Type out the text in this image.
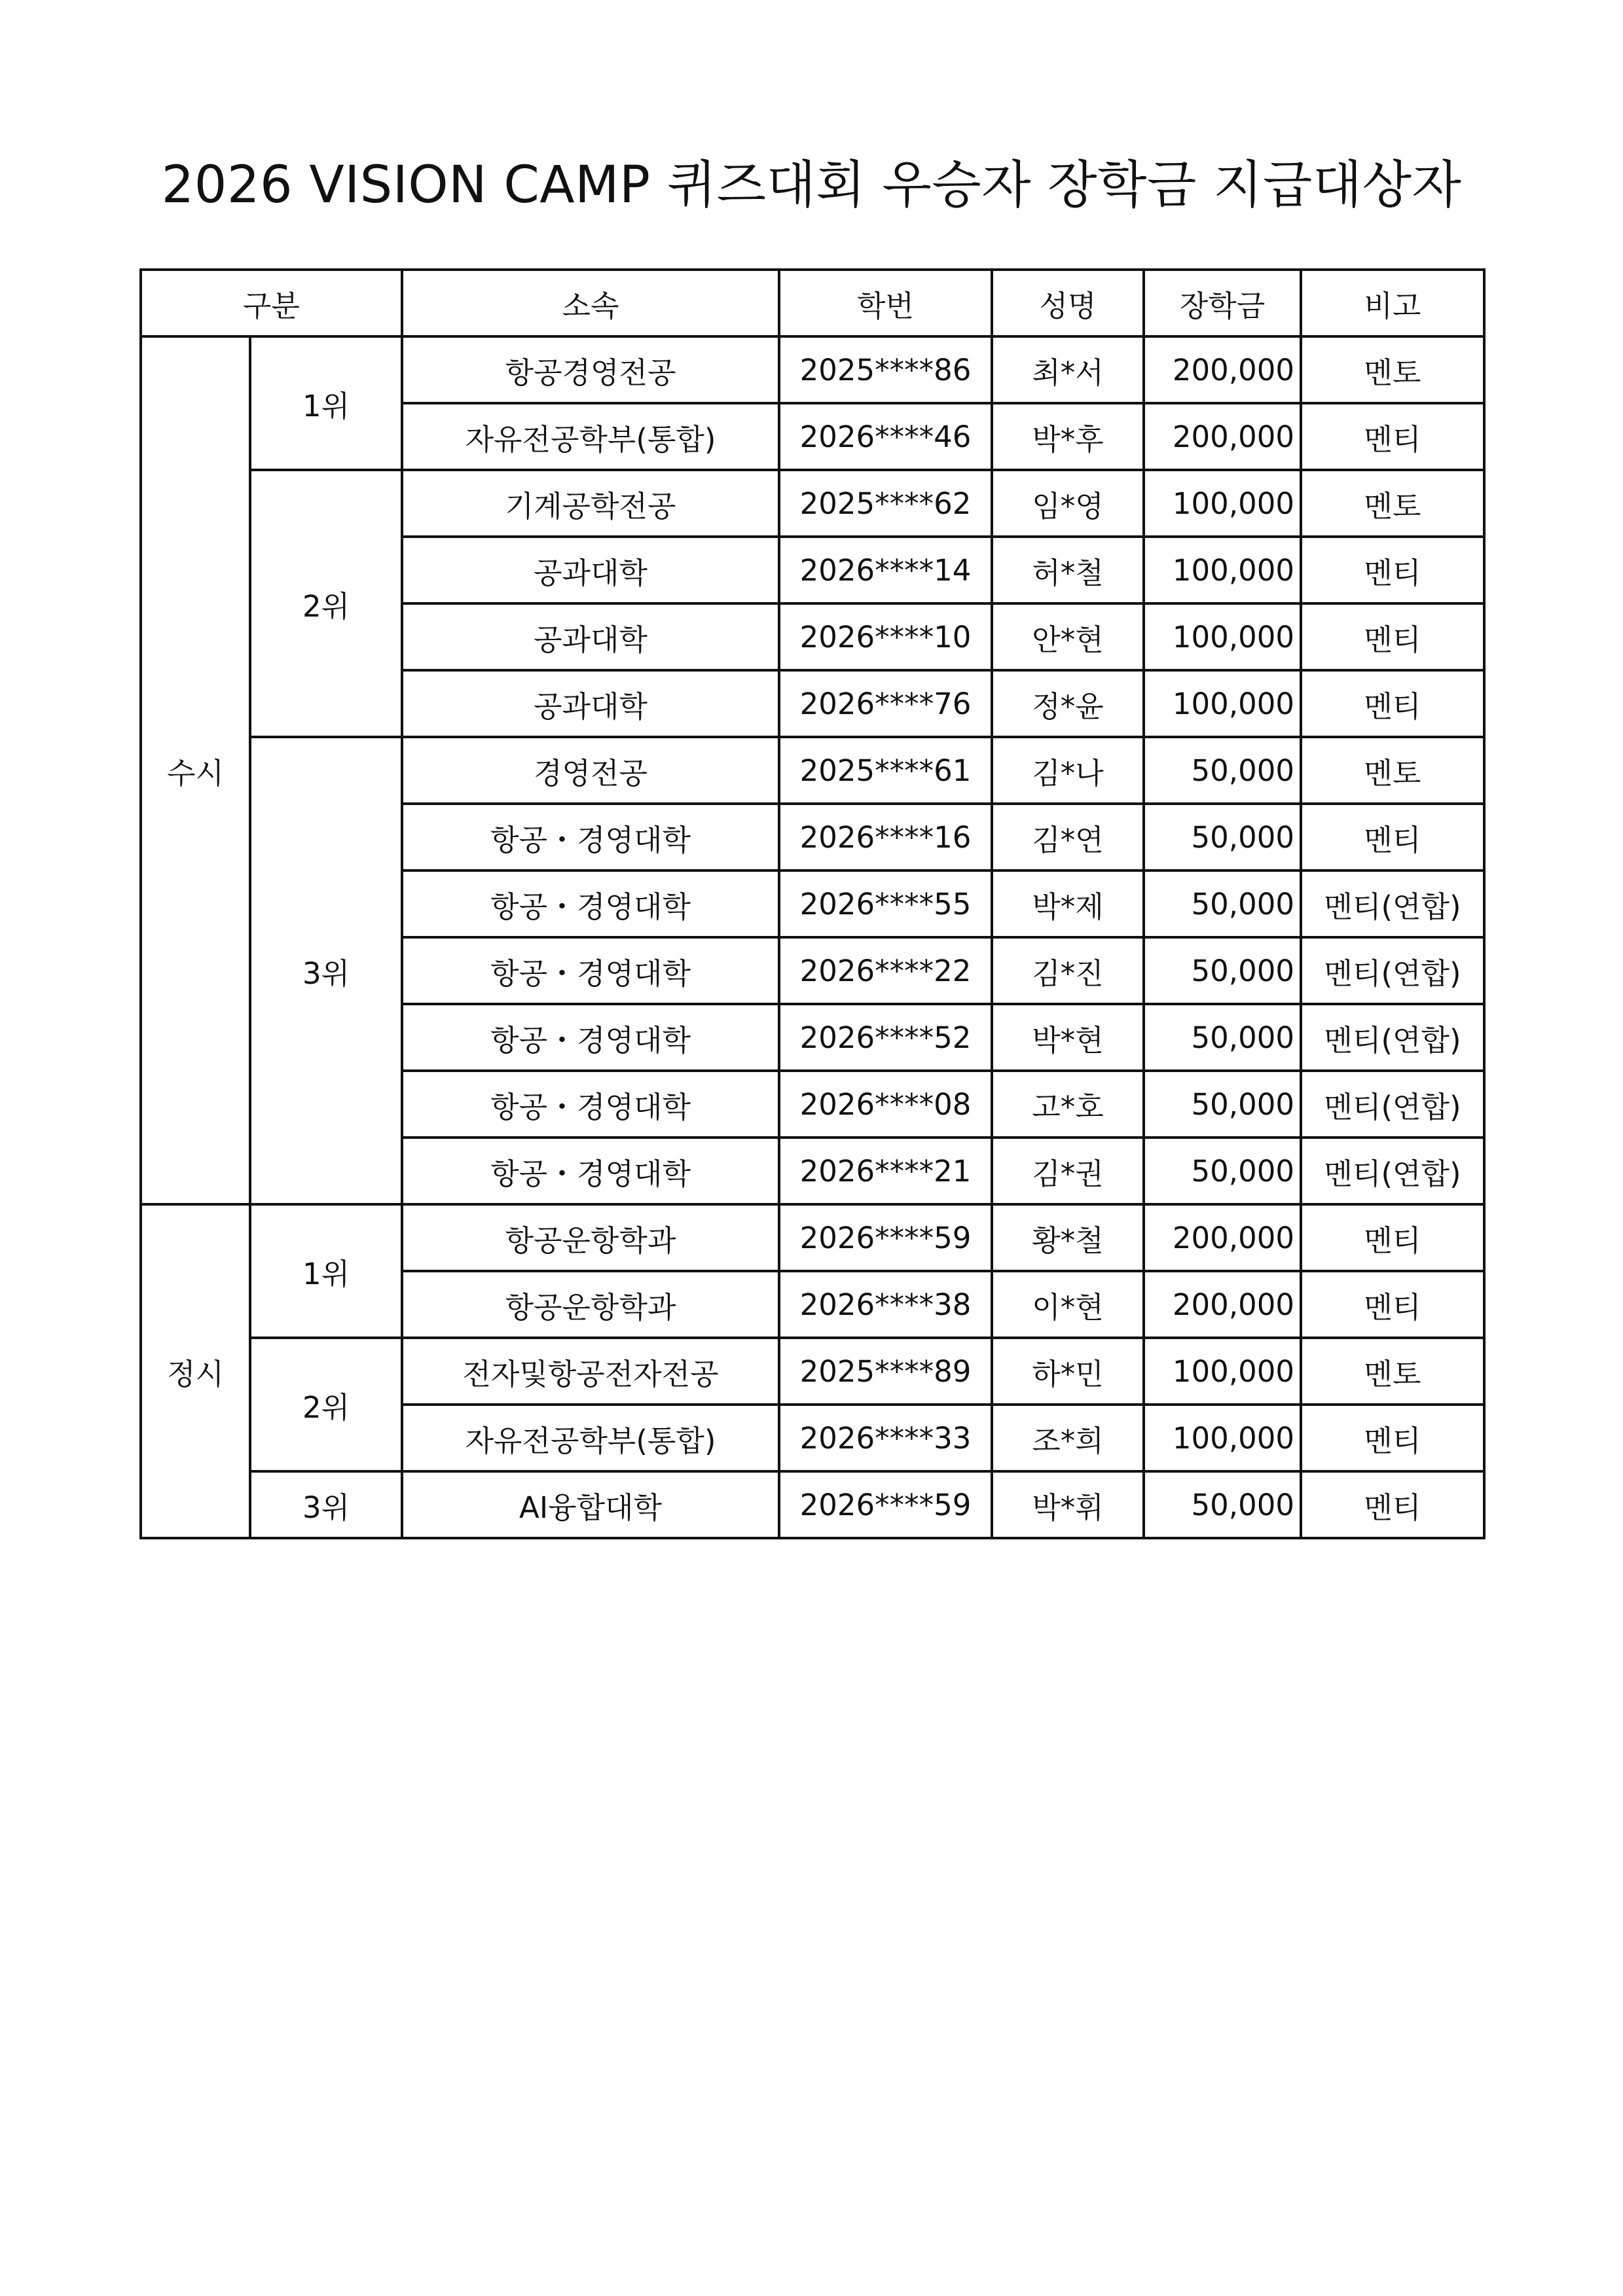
2026 VISION CAMP 퀴즈대회 우승자 장학금 지급대상자
구분		소속	학번	성명	장학금	비고
수시	1위	항공경영전공	2025****86	최*서	200,000	멘토
		자유전공학부(통합)	2026****46	박*후	200,000	멘티
	2위	기계공학전공	2025****62	임*영	100,000	멘토
		공과대학	2026****14	허*철	100,000	멘티
		공과대학	2026****10	안*현	100,000	멘티
		공과대학	2026****76	정*윤	100,000	멘티
	3위	경영전공	2025****61	김*나	50,000	멘토
		항공・경영대학	2026****16	김*연	50,000	멘티
		항공・경영대학	2026****55	박*제	50,000	멘티(연합)
		항공・경영대학	2026****22	김*진	50,000	멘티(연합)
		항공・경영대학	2026****52	박*현	50,000	멘티(연합)
		항공・경영대학	2026****08	고*호	50,000	멘티(연합)
		항공・경영대학	2026****21	김*권	50,000	멘티(연합)
정시	1위	항공운항학과	2026****59	황*철	200,000	멘티
		항공운항학과	2026****38	이*현	200,000	멘티
	2위	전자및항공전자전공	2025****89	하*민	100,000	멘토
		자유전공학부(통합)	2026****33	조*희	100,000	멘티
	3위	AI융합대학	2026****59	박*휘	50,000	멘티
